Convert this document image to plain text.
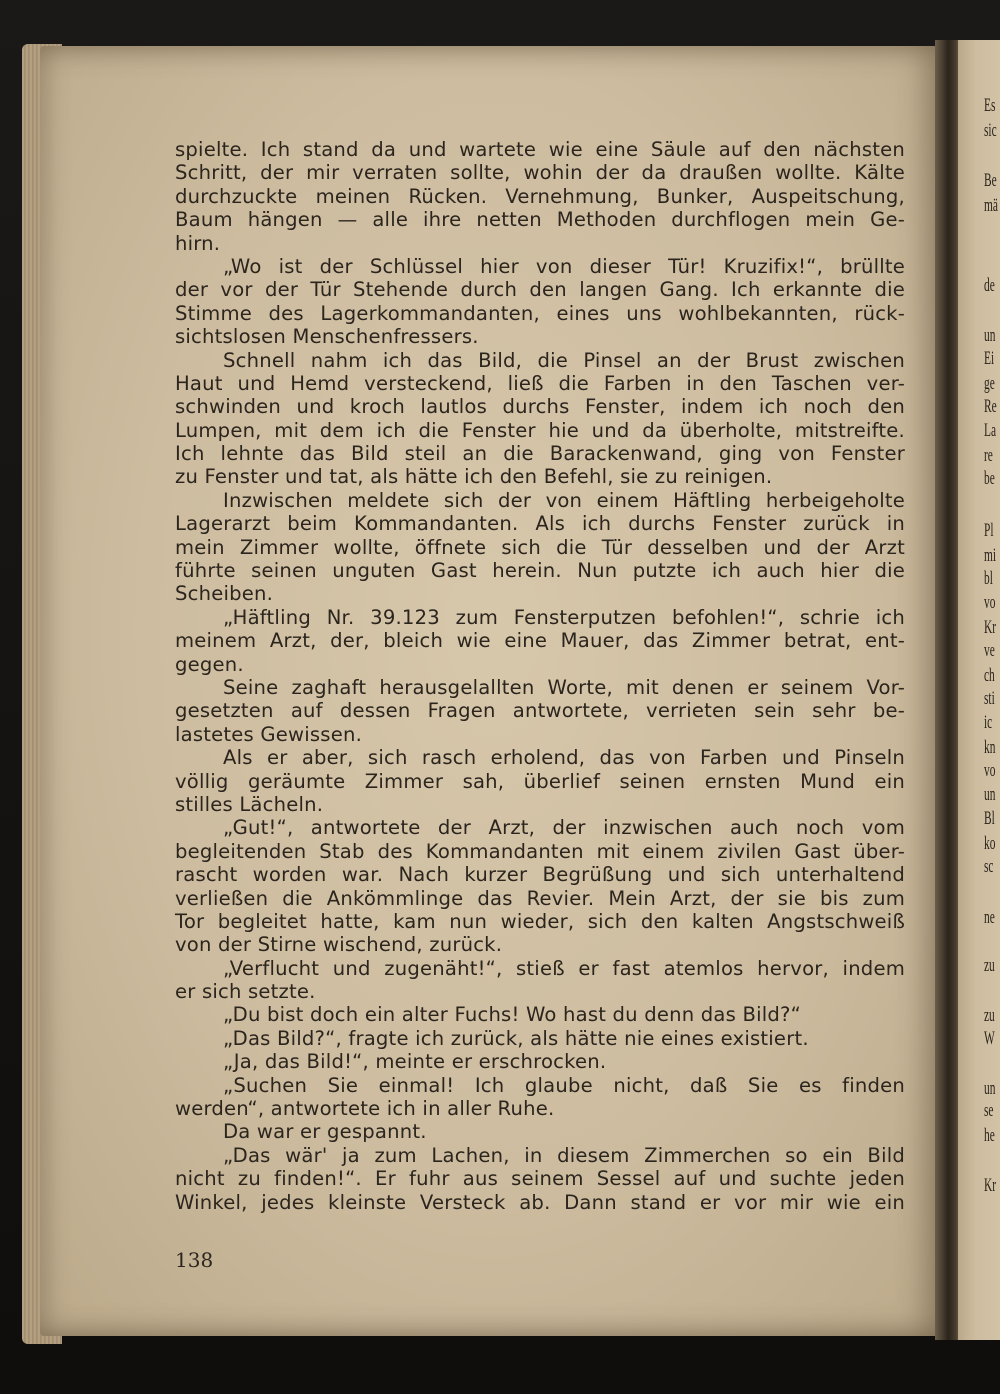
Es
sic
Be
mä
de
un
Ei
ge
Re
La
re
be
Pl
mi
bl
vo
Kr
ve
ch
sti
ic
kn
vo
un
Bl
ko
sc
ne
zu
zu
W
un
se
he
Kr
spielte. Ich stand da und wartete wie eine Säule auf den nächsten
Schritt, der mir verraten sollte, wohin der da draußen wollte. Kälte
durchzuckte meinen Rücken. Vernehmung, Bunker, Auspeitschung,
Baum hängen — alle ihre netten Methoden durchflogen mein Ge-
hirn.
„Wo ist der Schlüssel hier von dieser Tür! Kruzifix!“, brüllte
der vor der Tür Stehende durch den langen Gang. Ich erkannte die
Stimme des Lagerkommandanten, eines uns wohlbekannten, rück-
sichtslosen Menschenfressers.
Schnell nahm ich das Bild, die Pinsel an der Brust zwischen
Haut und Hemd versteckend, ließ die Farben in den Taschen ver-
schwinden und kroch lautlos durchs Fenster, indem ich noch den
Lumpen, mit dem ich die Fenster hie und da überholte, mitstreifte.
Ich lehnte das Bild steil an die Barackenwand, ging von Fenster
zu Fenster und tat, als hätte ich den Befehl, sie zu reinigen.
Inzwischen meldete sich der von einem Häftling herbeigeholte
Lagerarzt beim Kommandanten. Als ich durchs Fenster zurück in
mein Zimmer wollte, öffnete sich die Tür desselben und der Arzt
führte seinen unguten Gast herein. Nun putzte ich auch hier die
Scheiben.
„Häftling Nr. 39.123 zum Fensterputzen befohlen!“, schrie ich
meinem Arzt, der, bleich wie eine Mauer, das Zimmer betrat, ent-
gegen.
Seine zaghaft herausgelallten Worte, mit denen er seinem Vor-
gesetzten auf dessen Fragen antwortete, verrieten sein sehr be-
lastetes Gewissen.
Als er aber, sich rasch erholend, das von Farben und Pinseln
völlig geräumte Zimmer sah, überlief seinen ernsten Mund ein
stilles Lächeln.
„Gut!“, antwortete der Arzt, der inzwischen auch noch vom
begleitenden Stab des Kommandanten mit einem zivilen Gast über-
rascht worden war. Nach kurzer Begrüßung und sich unterhaltend
verließen die Ankömmlinge das Revier. Mein Arzt, der sie bis zum
Tor begleitet hatte, kam nun wieder, sich den kalten Angstschweiß
von der Stirne wischend, zurück.
„Verflucht und zugenäht!“, stieß er fast atemlos hervor, indem
er sich setzte.
„Du bist doch ein alter Fuchs! Wo hast du denn das Bild?“
„Das Bild?“, fragte ich zurück, als hätte nie eines existiert.
„Ja, das Bild!“, meinte er erschrocken.
„Suchen Sie einmal! Ich glaube nicht, daß Sie es finden
werden“, antwortete ich in aller Ruhe.
Da war er gespannt.
„Das wär' ja zum Lachen, in diesem Zimmerchen so ein Bild
nicht zu finden!“. Er fuhr aus seinem Sessel auf und suchte jeden
Winkel, jedes kleinste Versteck ab. Dann stand er vor mir wie ein
138
